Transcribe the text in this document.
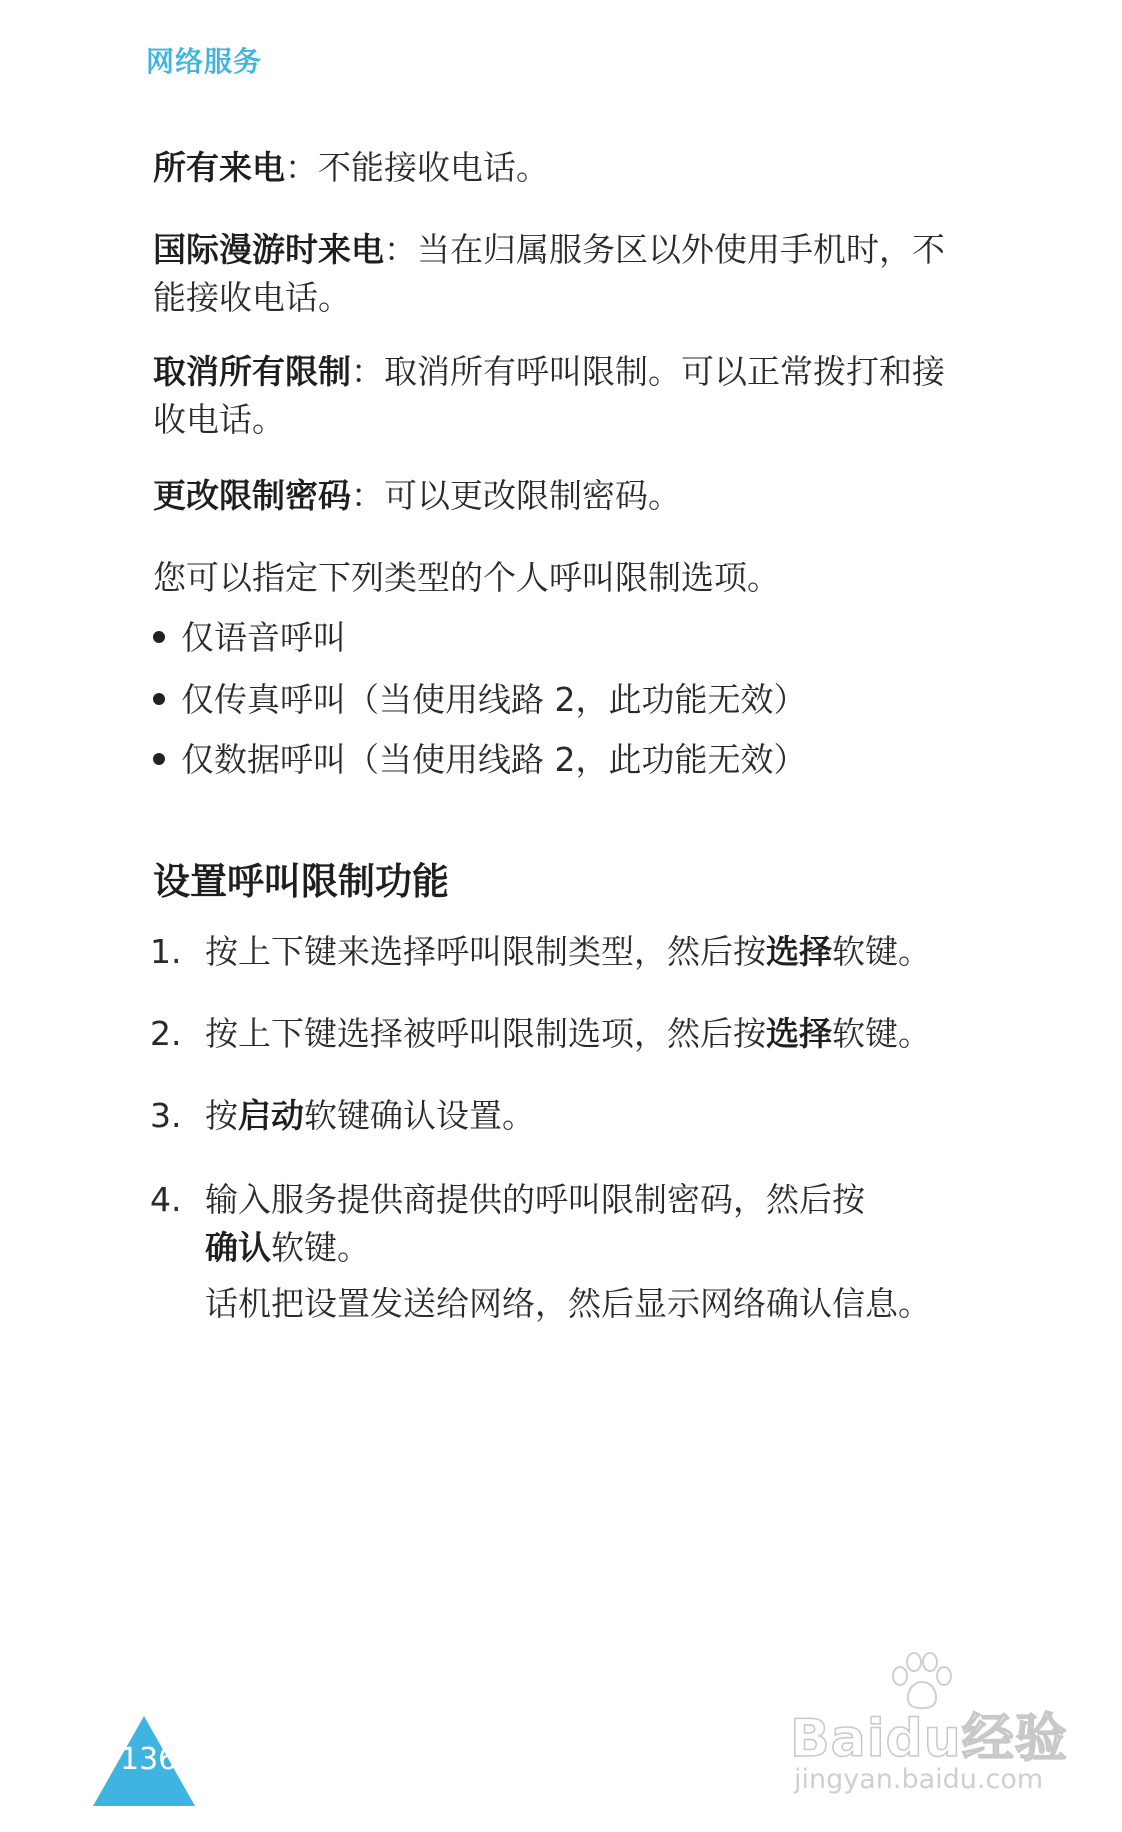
网络服务

所有来电：不能接收电话。

国际漫游时来电：当在归属服务区以外使用手机时，不能接收电话。

取消所有限制：取消所有呼叫限制。可以正常拨打和接收电话。

更改限制密码：可以更改限制密码。

您可以指定下列类型的个人呼叫限制选项。

仅语音呼叫
仅传真呼叫（当使用线路 2，此功能无效）
仅数据呼叫（当使用线路 2，此功能无效）
设置呼叫限制功能
1. 按上下键来选择呼叫限制类型，然后按选择软键。
2. 按上下键选择被呼叫限制选项，然后按选择软键。
3. 按启动软键确认设置。
4. 输入服务提供商提供的呼叫限制密码，然后按
确认软键。
话机把设置发送给网络，然后显示网络确认信息。
136	Baidu经验
jingyan.baidu.com
